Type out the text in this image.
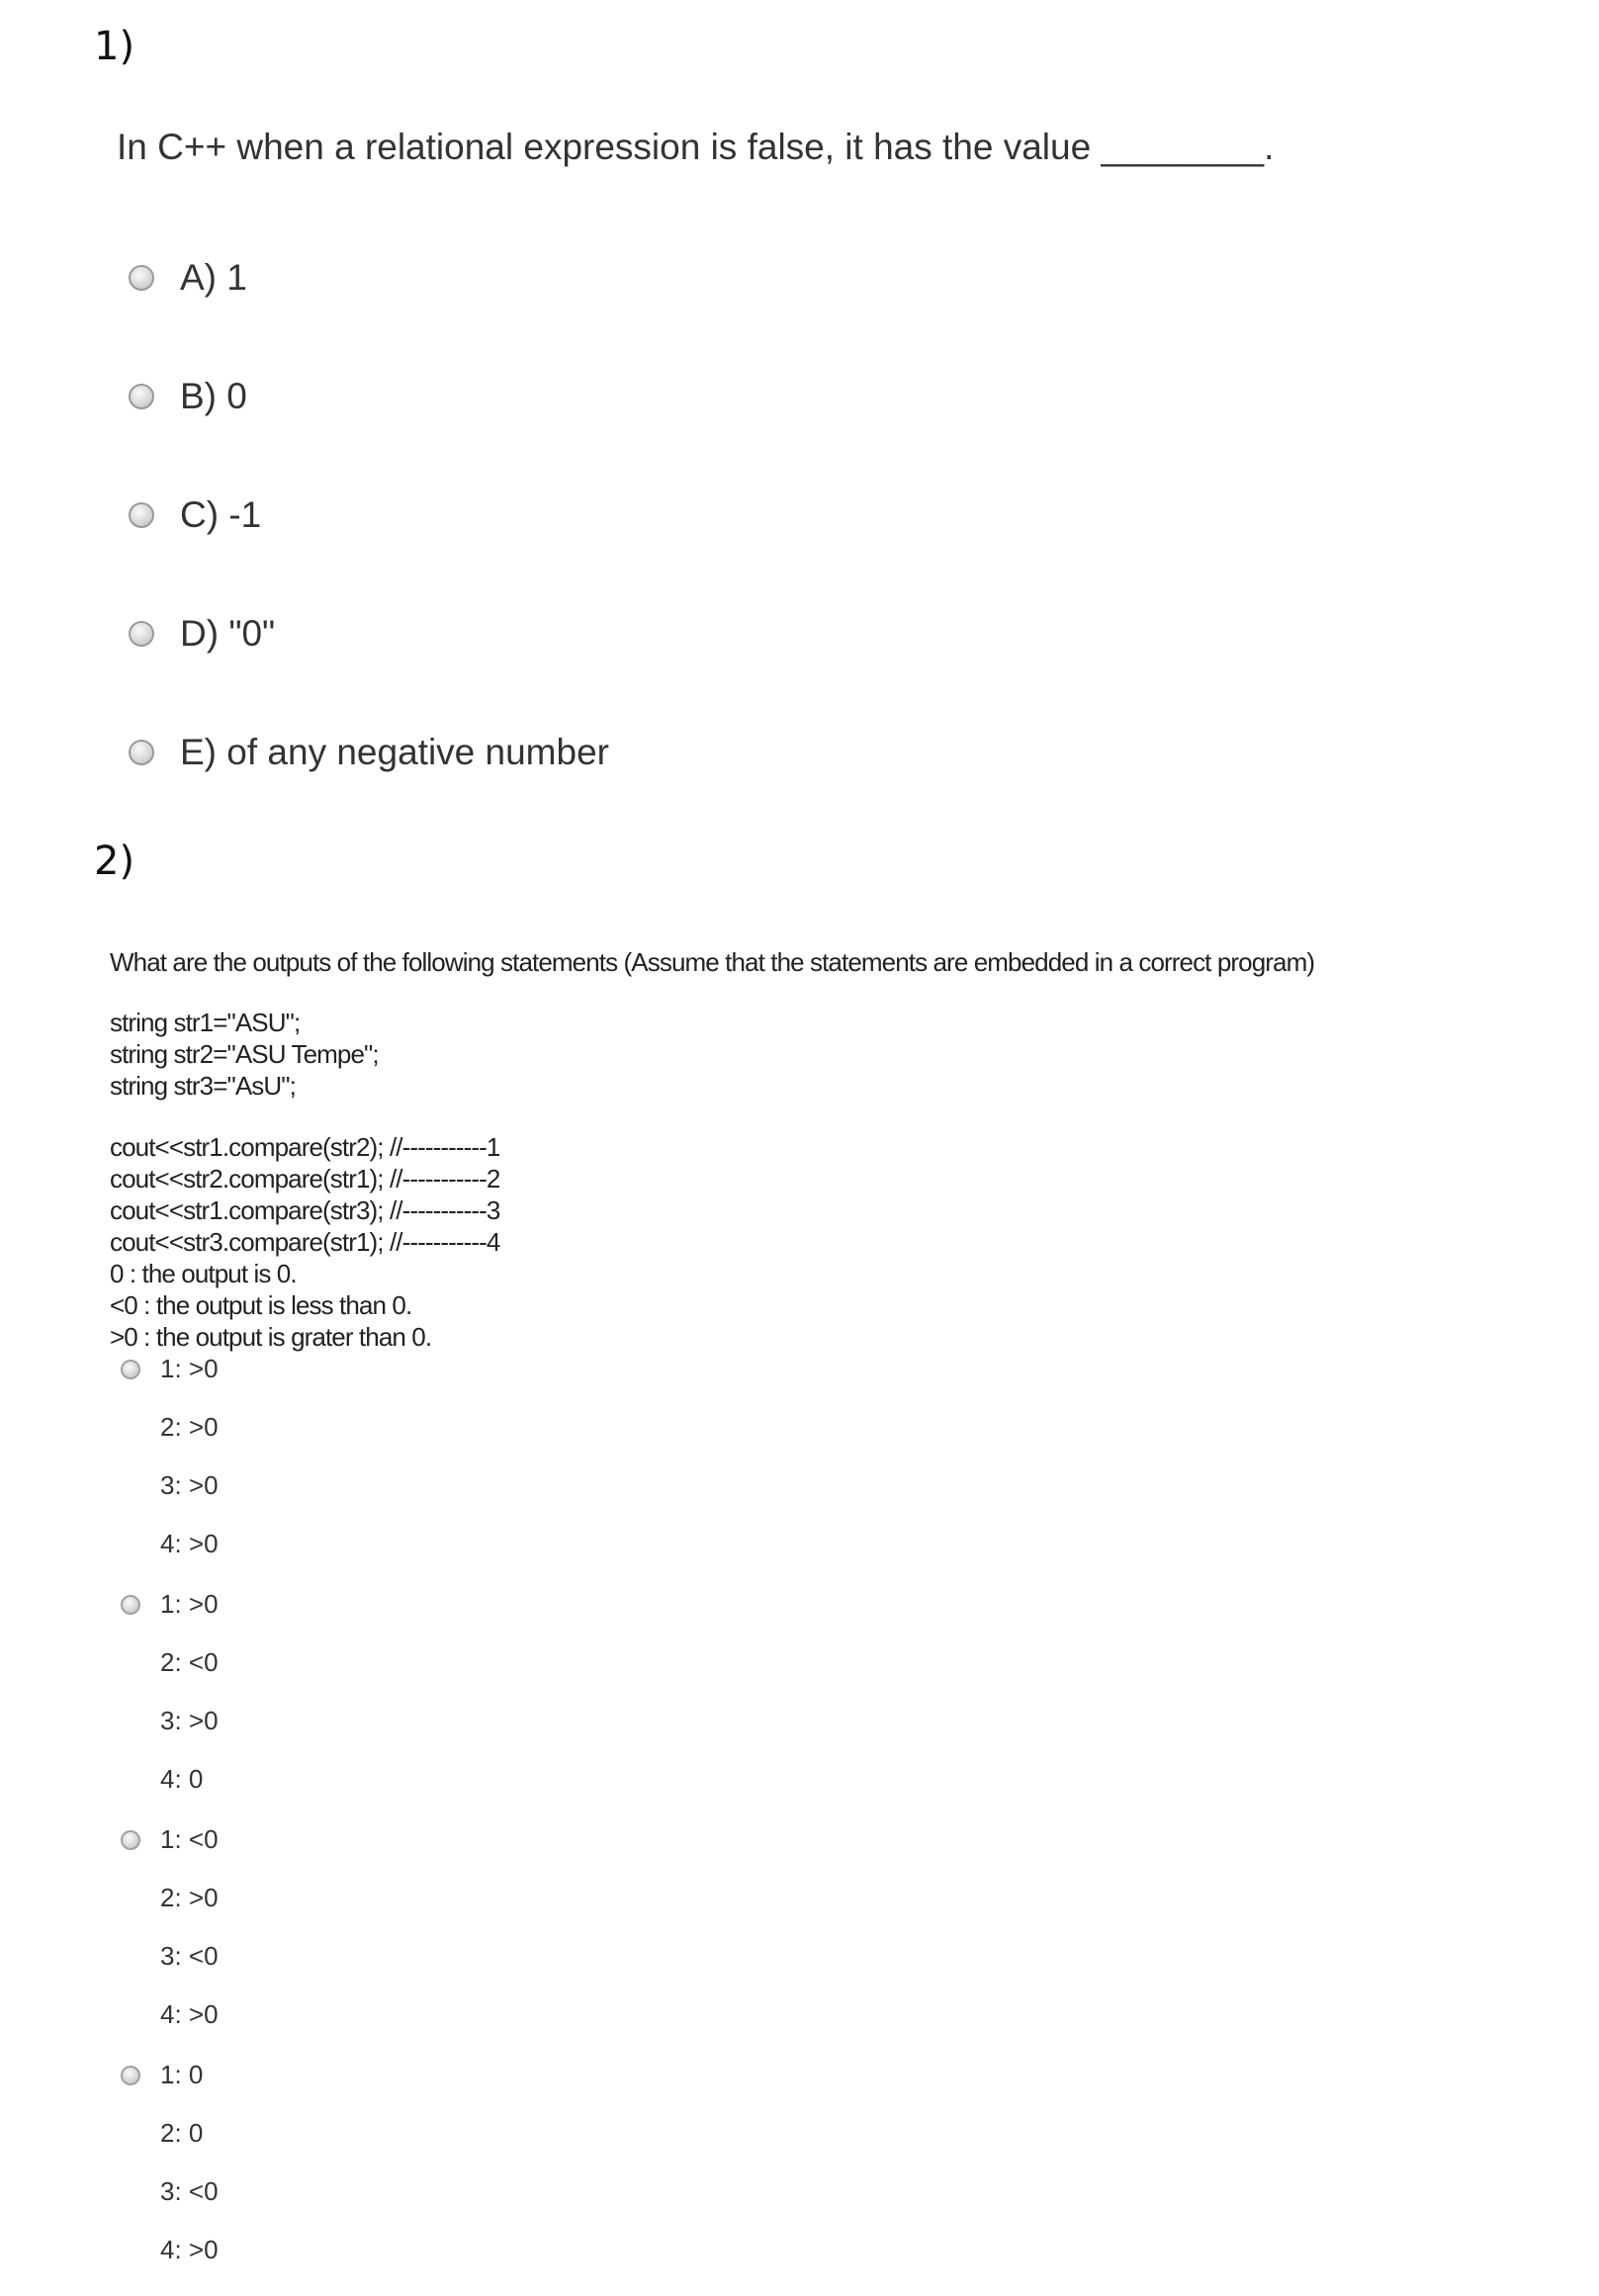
1)
In C++ when a relational expression is false, it has the value ________.
A) 1
B) 0
C) -1
D) "0"
E) of any negative number
2)
What are the outputs of the following statements (Assume that the statements are embedded in a correct program)
string str1="ASU";
string str2="ASU Tempe";
string str3="AsU";
cout<<str1.compare(str2); //-----------1
cout<<str2.compare(str1); //-----------2
cout<<str1.compare(str3); //-----------3
cout<<str3.compare(str1); //-----------4
0 : the output is 0.
<0 : the output is less than 0.
>0 : the output is grater than 0.
1: >0
2: >0
3: >0
4: >0
1: >0
2: <0
3: >0
4: 0
1: <0
2: >0
3: <0
4: >0
1: 0
2: 0
3: <0
4: >0
